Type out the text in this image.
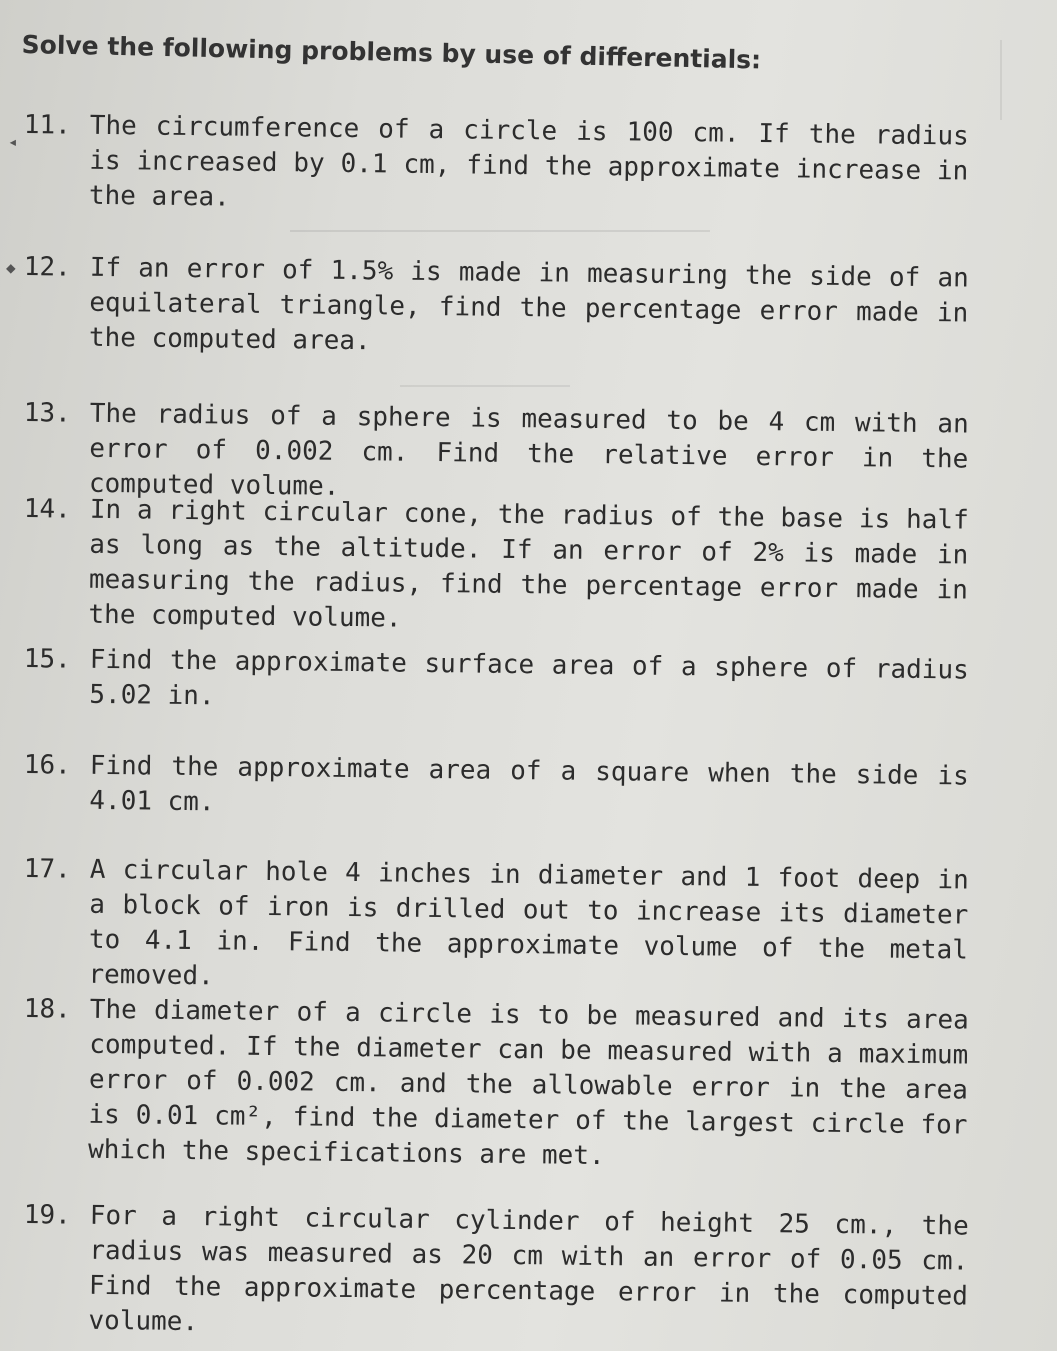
Solve the following problems by use of differentials:
11. The circumference of a circle is 100 cm. If the radius is increased by 0.1 cm, find the approximate increase in the area.
12. If an error of 1.5% is made in measuring the side of an equilateral triangle, find the percentage error made in the computed area.
13. The radius of a sphere is measured to be 4 cm with an error of 0.002 cm. Find the relative error in the computed volume.
14. In a right circular cone, the radius of the base is half as long as the altitude. If an error of 2% is made in measuring the radius, find the percentage error made in the computed volume.
15. Find the approximate surface area of a sphere of radius 5.02 in.
16. Find the approximate area of a square when the side is 4.01 cm.
17. A circular hole 4 inches in diameter and 1 foot deep in a block of iron is drilled out to increase its diameter to 4.1 in. Find the approximate volume of the metal removed.
18. The diameter of a circle is to be measured and its area computed. If the diameter can be measured with a maximum error of 0.002 cm. and the allowable error in the area is 0.01 cm², find the diameter of the largest circle for which the specifications are met.
19. For a right circular cylinder of height 25 cm., the radius was measured as 20 cm with an error of 0.05 cm. Find the approximate percentage error in the computed volume.
◆
◂
